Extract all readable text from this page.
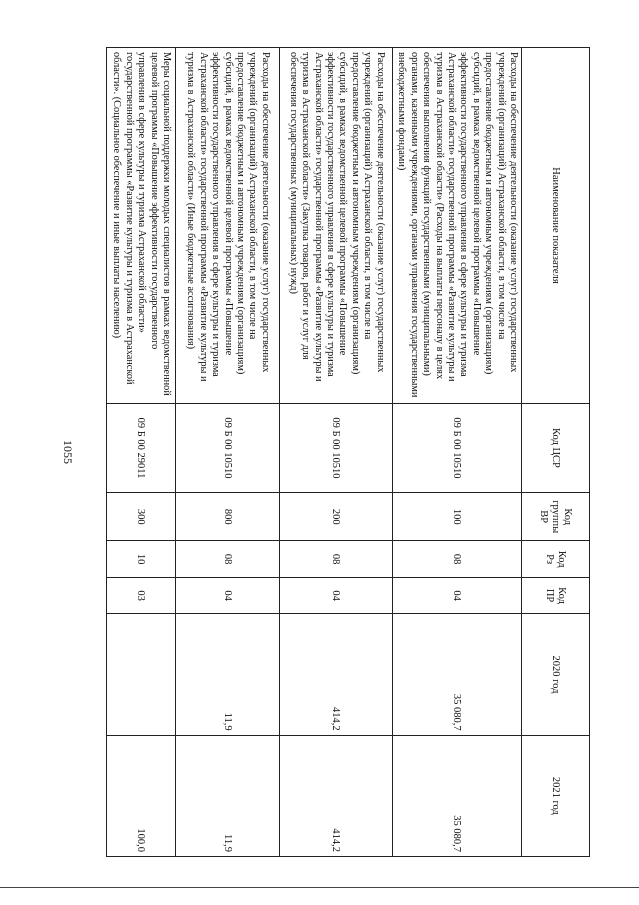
1055
Наименование показателя	Код ЦСР	Код группы ВР	Код Рз	Код ПР	2020 год	2021 год
Расходы на обеспечение деятельности (оказание услуг) государственных учреждений (организаций) Астраханской области, в том числе на предоставление бюджетным и автономным учреждениям (организациям) субсидий, в рамках ведомственной целевой программы «Повышение эффективности государственного управления в сфере культуры и туризма Астраханской области» государственной программы «Развитие культуры и туризма в Астраханской области» (Расходы на выплаты персоналу в целях обеспечения выполнения функций государственными (муниципальными) органами, казенными учреждениями, органами управления государственными внебюджетными фондами)	09 Б 00 10510	100	08	04	35 080,7	35 080,7
Расходы на обеспечение деятельности (оказание услуг) государственных учреждений (организаций) Астраханской области, в том числе на предоставление бюджетным и автономным учреждениям (организациям) субсидий, в рамках ведомственной целевой программы «Повышение эффективности государственного управления в сфере культуры и туризма Астраханской области» государственной программы «Развитие культуры и туризма в Астраханской области» (Закупка товаров, работ и услуг для обеспечения государственных (муниципальных) нужд)	09 Б 00 10510	200	08	04	414,2	414,2
Расходы на обеспечение деятельности (оказание услуг) государственных учреждений (организаций) Астраханской области, в том числе на предоставление бюджетным и автономным учреждениям (организациям) субсидий, в рамках ведомственной целевой программы «Повышение эффективности государственного управления в сфере культуры и туризма Астраханской области» государственной программы «Развитие культуры и туризма в Астраханской области» (Иные бюджетные ассигнования)	09 Б 00 10510	800	08	04	11,9	11,9
Меры социальной поддержки молодых специалистов в рамках ведомственной целевой программы «Повышение эффективности государственного управления в сфере культуры и туризма Астраханской области» государственной программы «Развитие культуры и туризма в Астраханской области». (Социальное обеспечение и иные выплаты населению)	09 Б 00 29011	300	10	03		100,0
